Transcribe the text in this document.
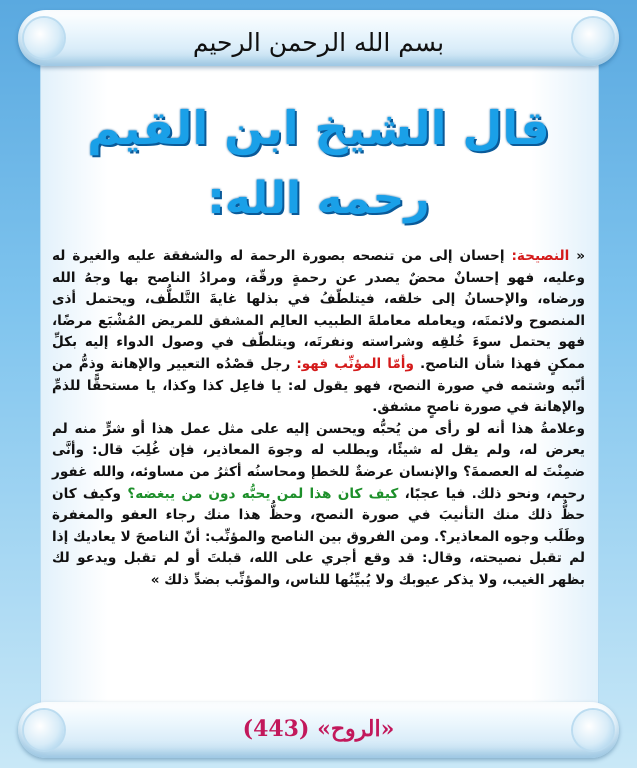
بسم الله الرحمن الرحيم
قال الشيخ ابن القيم
رحمه الله:
« النصيحة: إحسان إلى من تنصحه بصورة الرحمة له والشفقة عليه والغيرة له وعليه، فهو إحسانٌ محضٌ يصدر عن رحمةٍ ورقّة، ومرادُ الناصح بها وجهُ الله ورضاه، والإحسانُ إلى خلقه، فيتلطّفُ في بذلها غايةَ التَّلطُّف، ويحتمل أذى المنصوح ولائمتَه، ويعامله معاملةَ الطبيب العالِم المشفق للمريض المُشْبَع مرضًا، فهو يحتمل سوءَ خُلقِه وشراسته ونفرتَه، ويتلطّف في وصول الدواء إليه بكلِّ ممكنٍ فهذا شأن الناصح. وأمّا المؤنِّب فهو: رجل قصْدُه التعيير والإهانة وذمُّ من أنّبه وشتمه في صورة النصح، فهو يقول له: يا فاعِل كذا وكذا، يا مستحقًّا للذمِّ والإهانة في صورة ناصحٍ مشفق.
وعلامةُ هذا أنه لو رأى من يُحبُّه ويحسن إليه على مثل عمل هذا أو شرٍّ منه لم يعرض له، ولم يقل له شيئًا، ويطلب له وجوهَ المعاذير، فإن غُلِبَ قال: وأنَّى ضمِنْتَ له العصمةَ؟ والإنسان عرضةٌ للخطإ ومحاسنُه أكثرُ من مساوئه، والله غفور رحيم، ونحو ذلك. فيا عجبًا، كيف كان هذا لمن يحبُّه دون من يبغضه؟ وكيف كان حظُّ ذلك منك التأنيبَ في صورة النصح، وحظُّ هذا منك رجاء العفو والمغفرة وطَلَب وجوه المعاذير؟. ومن الفروق بين الناصح والمؤنِّب: أنّ الناصحَ لا يعاديك إذا لم تقبل نصيحته، وقال: قد وقع أجري على الله، قبلتَ أو لم تقبل ويدعو لك بظهر الغيب، ولا يذكر عيوبك ولا يُبيِّنُها للناس، والمؤنِّب بضدِّ ذلك »
«الروح» (443)
